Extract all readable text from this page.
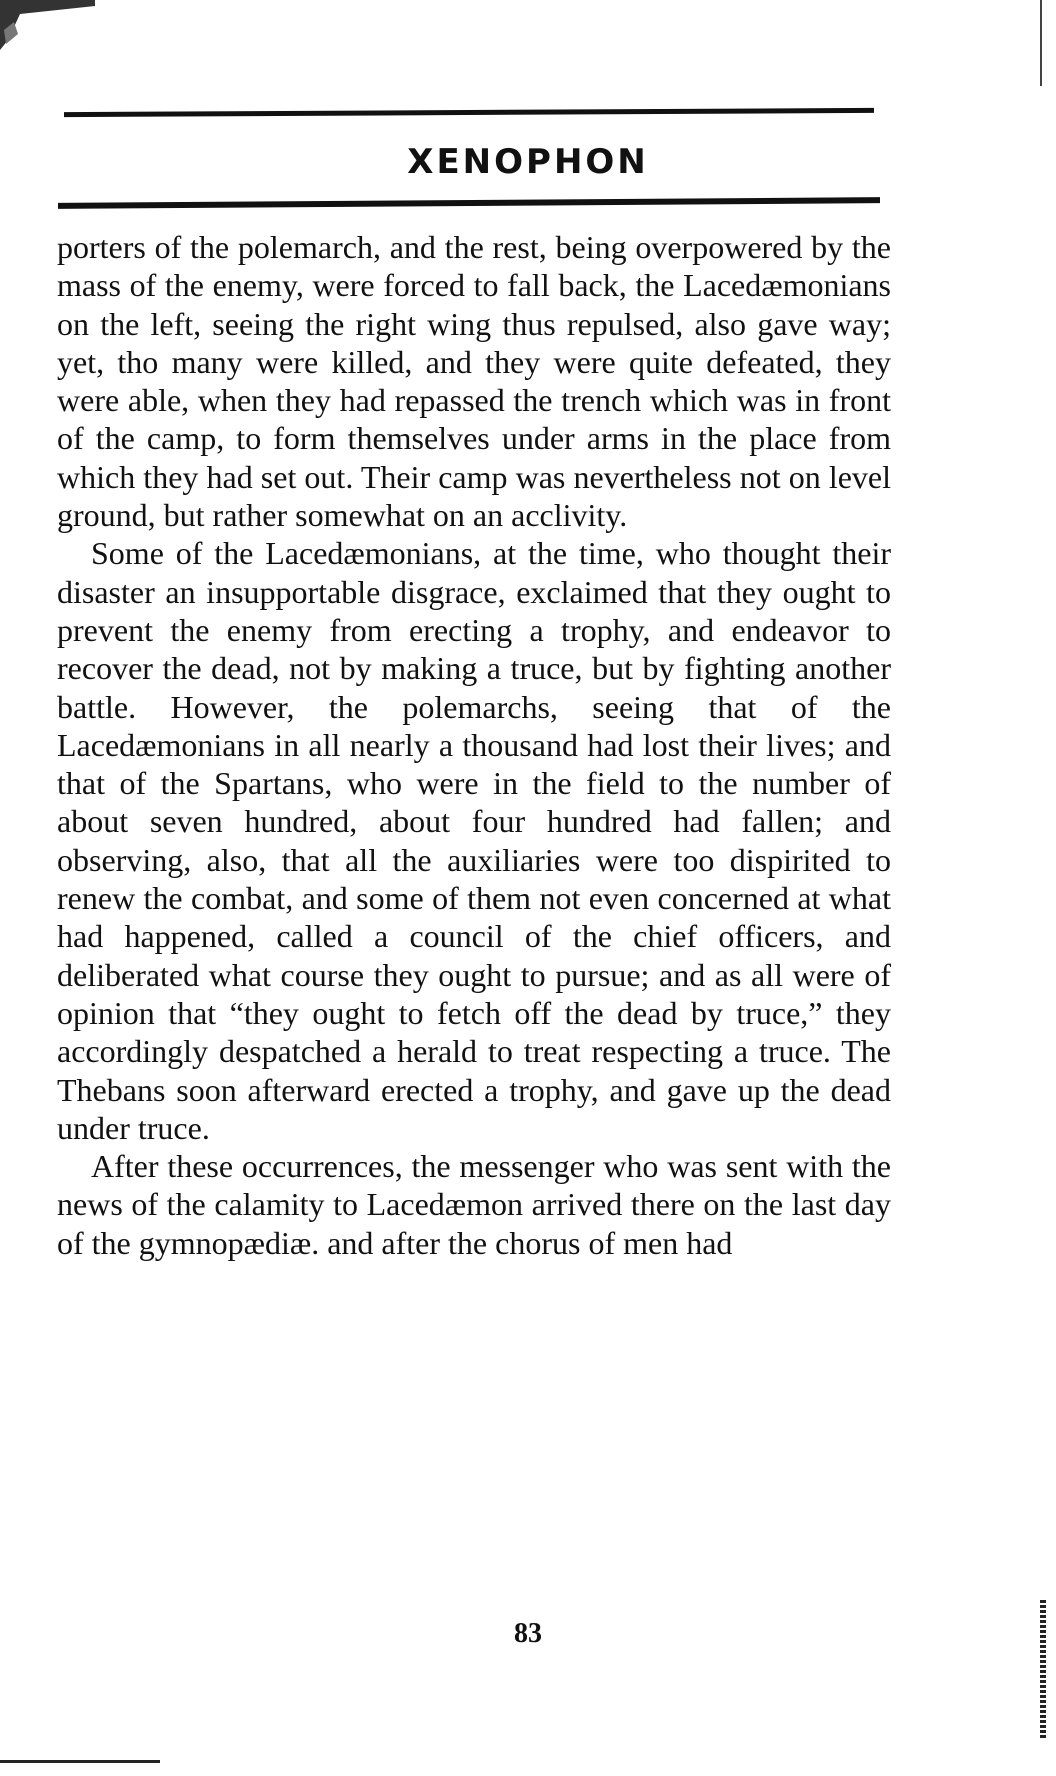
XENOPHON

porters of the polemarch, and the rest, being overpowered by the mass of the enemy, were forced to fall back, the Lacedæmonians on the left, seeing the right wing thus repulsed, also gave way; yet, tho many were killed, and they were quite defeated, they were able, when they had repassed the trench which was in front of the camp, to form themselves under arms in the place from which they had set out. Their camp was nevertheless not on level ground, but rather somewhat on an acclivity.

Some of the Lacedæmonians, at the time, who thought their disaster an insupportable disgrace, exclaimed that they ought to prevent the enemy from erecting a trophy, and endeavor to recover the dead, not by making a truce, but by fighting another battle. However, the polemarchs, seeing that of the Lacedæmonians in all nearly a thousand had lost their lives; and that of the Spartans, who were in the field to the number of about seven hundred, about four hundred had fallen; and observing, also, that all the auxiliaries were too dispirited to renew the combat, and some of them not even concerned at what had happened, called a council of the chief officers, and deliberated what course they ought to pursue; and as all were of opinion that “they ought to fetch off the dead by truce,” they accordingly despatched a herald to treat respecting a truce. The Thebans soon afterward erected a trophy, and gave up the dead under truce.

After these occurrences, the messenger who was sent with the news of the calamity to Lacedæmon arrived there on the last day of the gymnopædiæ. and after the chorus of men had

83
